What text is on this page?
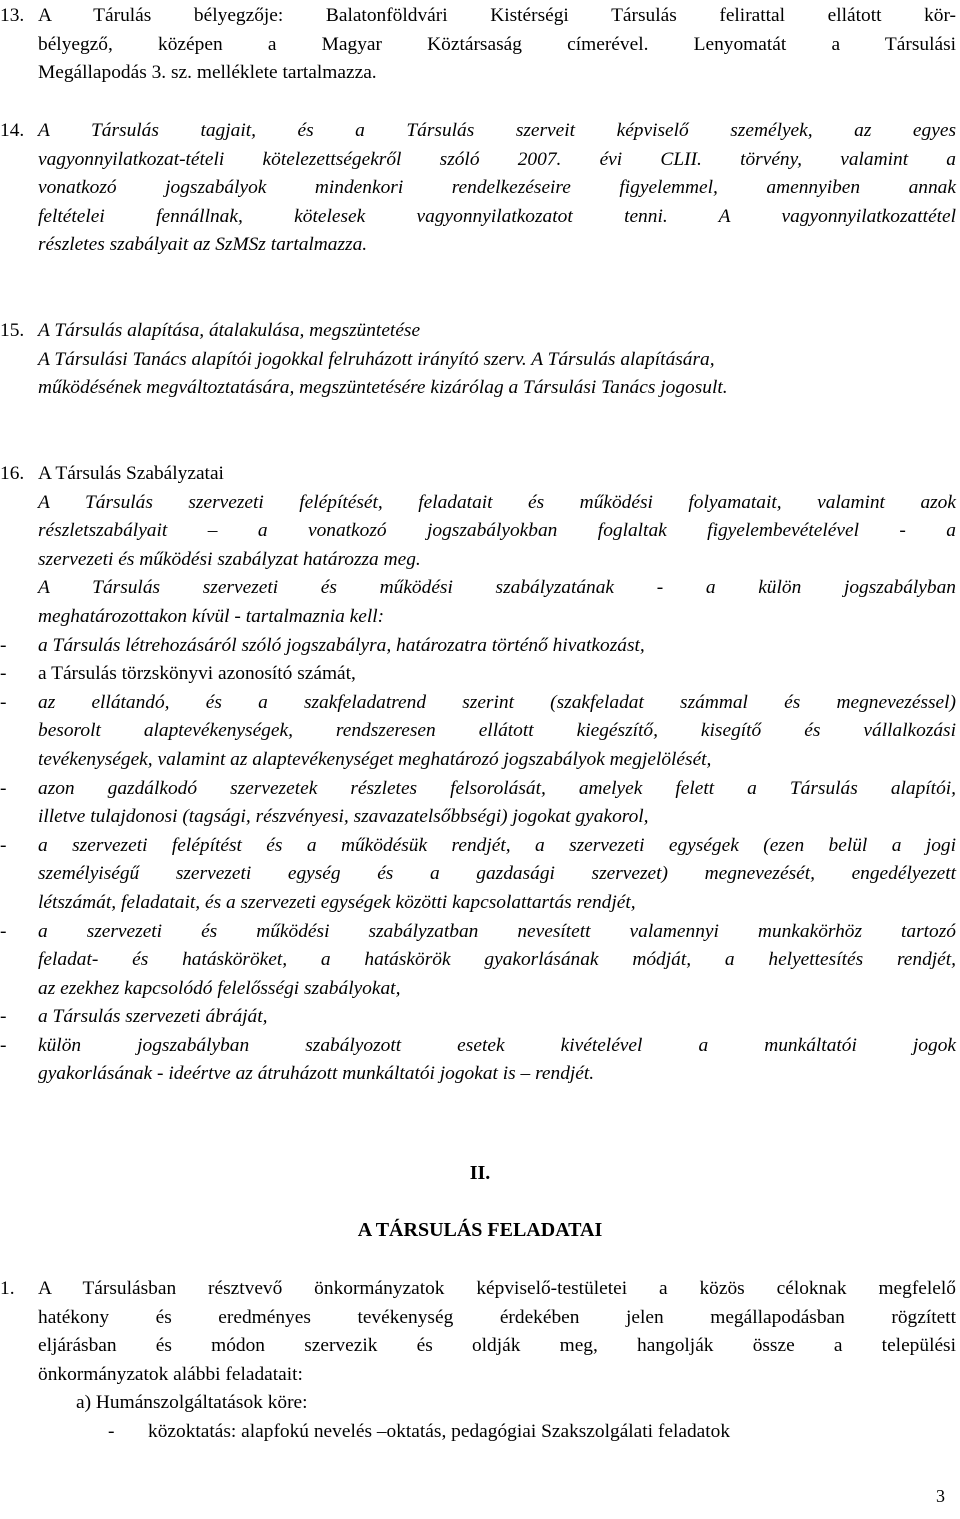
13. A Tárulás bélyegzője: Balatonföldvári Kistérségi Társulás felirattal ellátott kör-
bélyegző, középen a Magyar Köztársaság címerével. Lenyomatát a Társulási
Megállapodás 3. sz. melléklete tartalmazza.
14. A Társulás tagjait, és a Társulás szerveit képviselő személyek, az egyes
vagyonnyilatkozat-tételi kötelezettségekről szóló 2007. évi CLII. törvény, valamint a
vonatkozó jogszabályok mindenkori rendelkezéseire figyelemmel, amennyiben annak
feltételei fennállnak, kötelesek vagyonnyilatkozatot tenni. A vagyonnyilatkozattétel
részletes szabályait az SzMSz tartalmazza.
15. A Társulás alapítása, átalakulása, megszüntetése
A Társulási Tanács alapítói jogokkal felruházott irányító szerv. A Társulás alapítására,
működésének megváltoztatására, megszüntetésére kizárólag a Társulási Tanács jogosult.
16. A Társulás Szabályzatai
A Társulás szervezeti felépítését, feladatait és működési folyamatait, valamint azok
részletszabályait – a vonatkozó jogszabályokban foglaltak figyelembevételével - a
szervezeti és működési szabályzat határozza meg.
A Társulás szervezeti és működési szabályzatának - a külön jogszabályban
meghatározottakon kívül - tartalmaznia kell:
- a Társulás létrehozásáról szóló jogszabályra, határozatra történő hivatkozást,
- a Társulás törzskönyvi azonosító számát,
- az ellátandó, és a szakfeladatrend szerint (szakfeladat számmal és megnevezéssel)
besorolt alaptevékenységek, rendszeresen ellátott kiegészítő, kisegítő és vállalkozási
tevékenységek, valamint az alaptevékenységet meghatározó jogszabályok megjelölését,
- azon gazdálkodó szervezetek részletes felsorolását, amelyek felett a Társulás alapítói,
illetve tulajdonosi (tagsági, részvényesi, szavazatelsőbbségi) jogokat gyakorol,
- a szervezeti felépítést és a működésük rendjét, a szervezeti egységek (ezen belül a jogi
személyiségű szervezeti egység és a gazdasági szervezet) megnevezését, engedélyezett
létszámát, feladatait, és a szervezeti egységek közötti kapcsolattartás rendjét,
- a szervezeti és működési szabályzatban nevesített valamennyi munkakörhöz tartozó
feladat- és hatásköröket, a hatáskörök gyakorlásának módját, a helyettesítés rendjét,
az ezekhez kapcsolódó felelősségi szabályokat,
- a Társulás szervezeti ábráját,
- külön jogszabályban szabályozott esetek kivételével a munkáltatói jogok
gyakorlásának - ideértve az átruházott munkáltatói jogokat is – rendjét.
II.
A TÁRSULÁS FELADATAI
1. A Társulásban résztvevő önkormányzatok képviselő-testületei a közös céloknak megfelelő
hatékony és eredményes tevékenység érdekében jelen megállapodásban rögzített
eljárásban és módon szervezik és oldják meg, hangolják össze a települési
önkormányzatok alábbi feladatait:
a) Humánszolgáltatások köre:
- közoktatás: alapfokú nevelés –oktatás, pedagógiai Szakszolgálati feladatok
3
